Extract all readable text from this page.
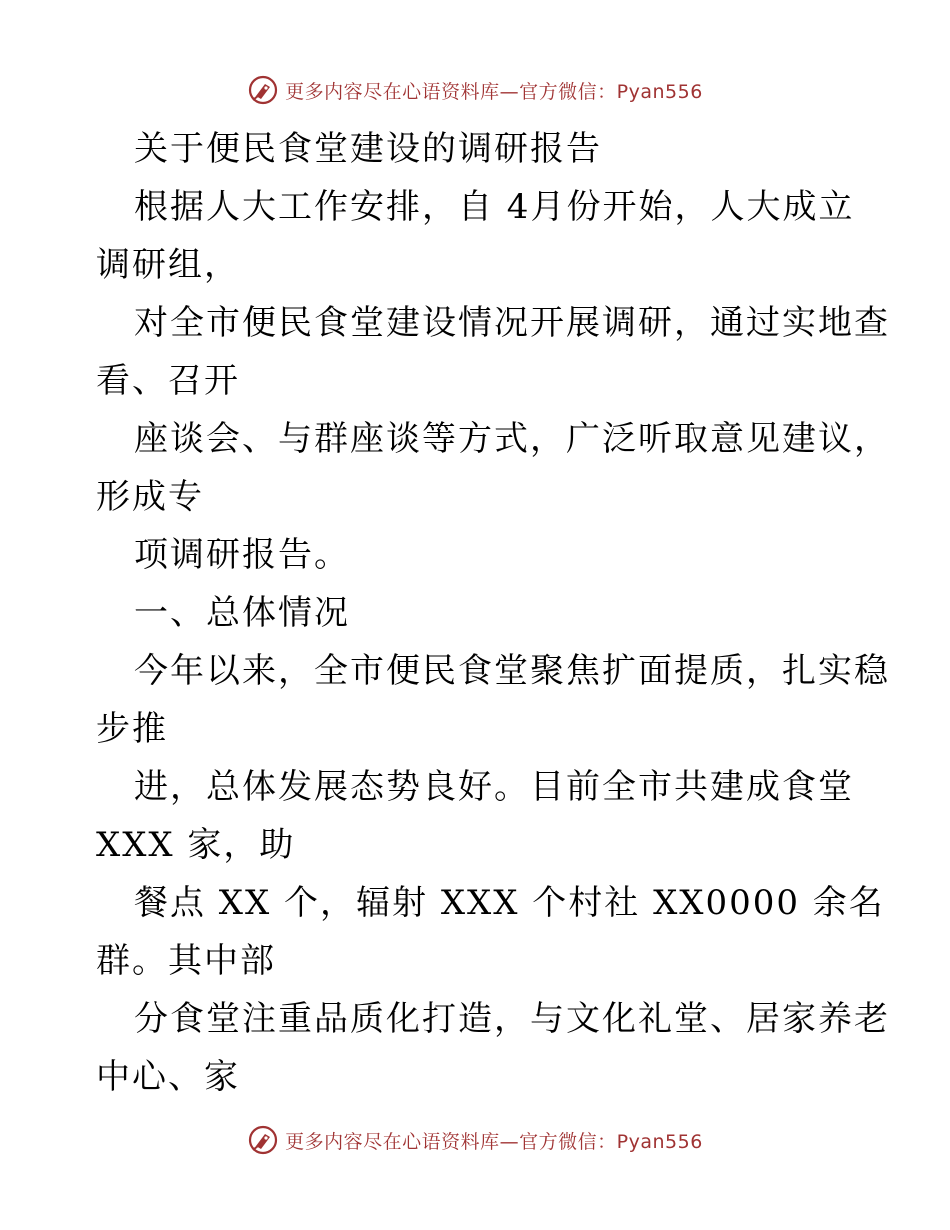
更多内容尽在心语资料库—官方微信：Pyan556
关于便民食堂建设的调研报告
根据人大工作安排，自 4月份开始，人大成立
调研组，
对全市便民食堂建设情况开展调研，通过实地查
看、召开
座谈会、与群座谈等方式，广泛听取意见建议，
形成专
项调研报告。
一、总体情况
今年以来，全市便民食堂聚焦扩面提质，扎实稳
步推
进，总体发展态势良好。目前全市共建成食堂
XXX 家，助
餐点 XX 个，辐射 XXX 个村社 XX0000 余名
群。其中部
分食堂注重品质化打造，与文化礼堂、居家养老
中心、家
更多内容尽在心语资料库—官方微信：Pyan556
